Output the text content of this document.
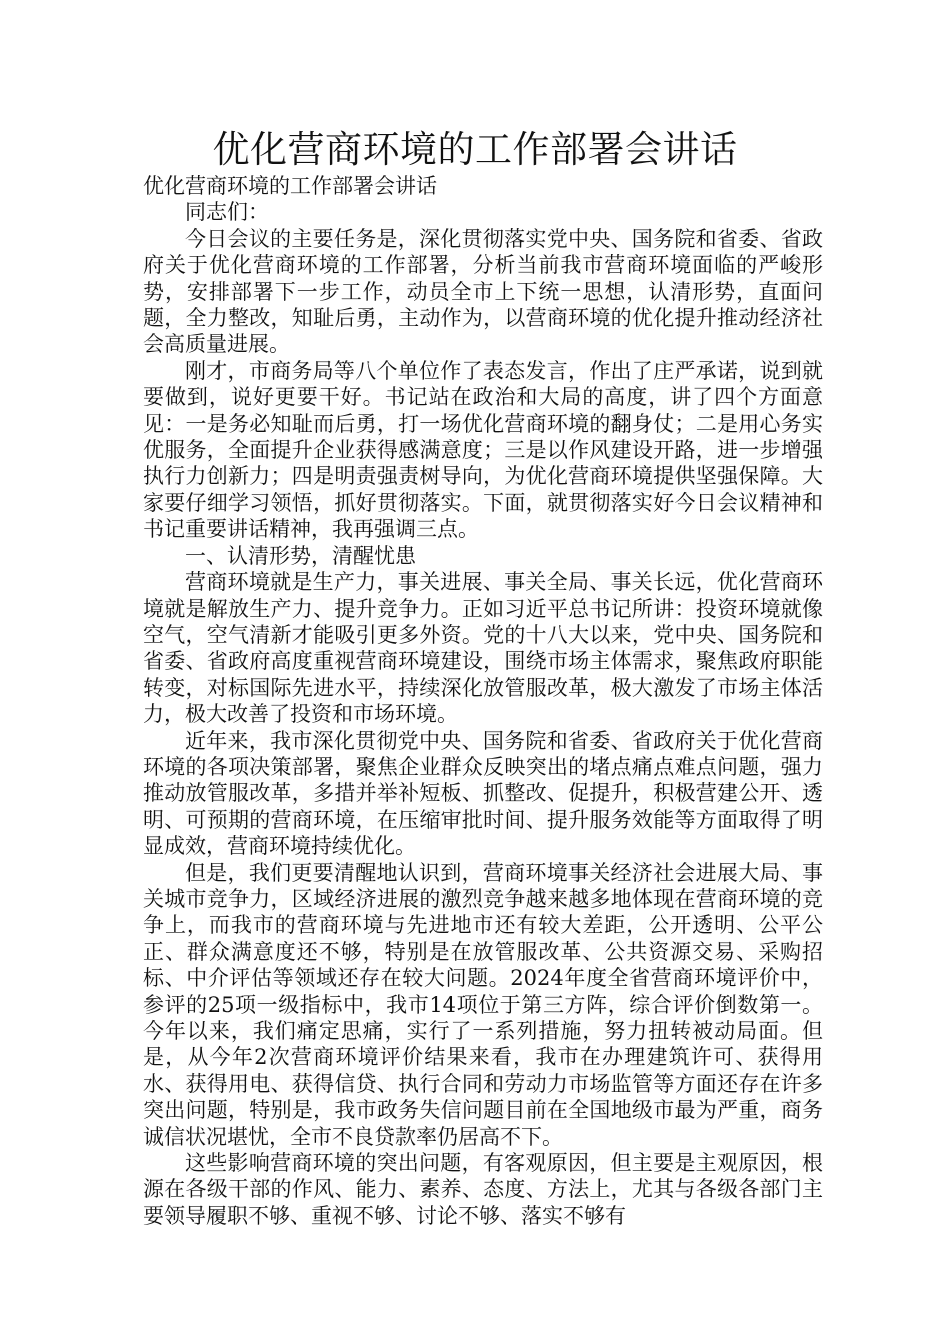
优化营商环境的工作部署会讲话

优化营商环境的工作部署会讲话

同志们：

今日会议的主要任务是，深化贯彻落实党中央、国务院和省委、省政府关于优化营商环境的工作部署，分析当前我市营商环境面临的严峻形势，安排部署下一步工作，动员全市上下统一思想，认清形势，直面问题，全力整改，知耻后勇，主动作为，以营商环境的优化提升推动经济社会高质量进展。

刚才，市商务局等八个单位作了表态发言，作出了庄严承诺，说到就要做到，说好更要干好。书记站在政治和大局的高度，讲了四个方面意见：一是务必知耻而后勇，打一场优化营商环境的翻身仗；二是用心务实优服务，全面提升企业获得感满意度；三是以作风建设开路，进一步增强执行力创新力；四是明责强责树导向，为优化营商环境提供坚强保障。大家要仔细学习领悟，抓好贯彻落实。下面，就贯彻落实好今日会议精神和书记重要讲话精神，我再强调三点。

一、认清形势，清醒忧患

营商环境就是生产力，事关进展、事关全局、事关长远，优化营商环境就是解放生产力、提升竞争力。正如习近平总书记所讲：投资环境就像空气，空气清新才能吸引更多外资。党的十八大以来，党中央、国务院和省委、省政府高度重视营商环境建设，围绕市场主体需求，聚焦政府职能转变，对标国际先进水平，持续深化放管服改革，极大激发了市场主体活力，极大改善了投资和市场环境。

近年来，我市深化贯彻党中央、国务院和省委、省政府关于优化营商环境的各项决策部署，聚焦企业群众反映突出的堵点痛点难点问题，强力推动放管服改革，多措并举补短板、抓整改、促提升，积极营建公开、透明、可预期的营商环境，在压缩审批时间、提升服务效能等方面取得了明显成效，营商环境持续优化。

但是，我们更要清醒地认识到，营商环境事关经济社会进展大局、事关城市竞争力，区域经济进展的激烈竞争越来越多地体现在营商环境的竞争上，而我市的营商环境与先进地市还有较大差距，公开透明、公平公正、群众满意度还不够，特别是在放管服改革、公共资源交易、采购招标、中介评估等领域还存在较大问题。2024年度全省营商环境评价中，参评的25项一级指标中，我市14项位于第三方阵，综合评价倒数第一。今年以来，我们痛定思痛，实行了一系列措施，努力扭转被动局面。但是，从今年2次营商环境评价结果来看，我市在办理建筑许可、获得用水、获得用电、获得信贷、执行合同和劳动力市场监管等方面还存在许多突出问题，特别是，我市政务失信问题目前在全国地级市最为严重，商务诚信状况堪忧，全市不良贷款率仍居高不下。

这些影响营商环境的突出问题，有客观原因，但主要是主观原因，根源在各级干部的作风、能力、素养、态度、方法上，尤其与各级各部门主要领导履职不够、重视不够、讨论不够、落实不够有
